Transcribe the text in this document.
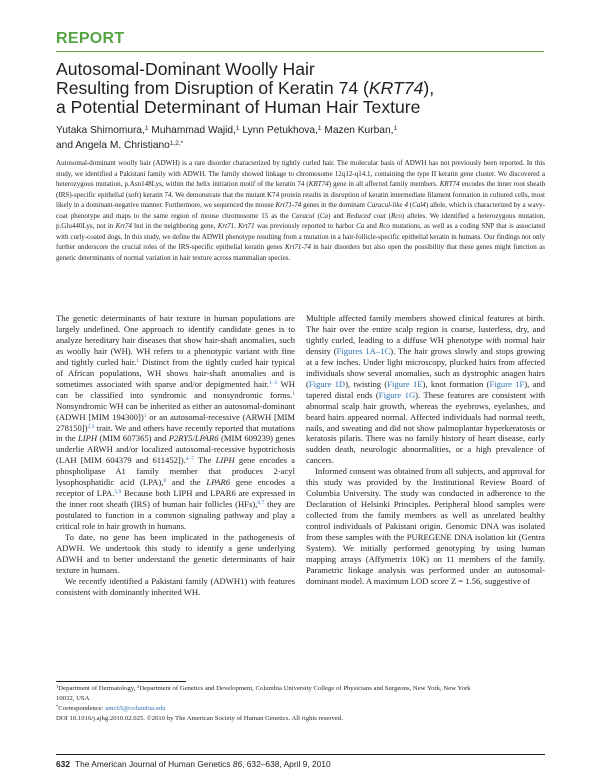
REPORT
Autosomal-Dominant Woolly Hair
Resulting from Disruption of Keratin 74 (KRT74),
a Potential Determinant of Human Hair Texture
Yutaka Shimomura,$^1$ Muhammad Wajid,$^1$ Lynn Petukhova,$^1$ Mazen Kurban,$^1$
and Angela M. Christiano$^{1,2,*}$
Autosomal-dominant woolly hair (ADWH) is a rare disorder characterized by tightly curled hair. The molecular basis of ADWH has not previously been reported. In this study, we identified a Pakistani family with ADWH. The family showed linkage to chromosome 12q12-q14.1, containing the type II keratin gene cluster. We discovered a heterozygous mutation, p.Asn148Lys, within the helix initiation motif of the keratin 74 (KRT74) gene in all affected family members. KRT74 encodes the inner root sheath (IRS)-specific epithelial (soft) keratin 74. We demonstrate that the mutant K74 protein results in disruption of keratin intermediate filament formation in cultured cells, most likely in a dominant-negative manner. Furthermore, we sequenced the mouse Krt71-74 genes in the dominant Caracul-like 4 (Cal4) allele, which is characterized by a wavy-coat phenotype and maps to the same region of mouse chromosome 15 as the Caracul (Ca) and Reduced coat (Rco) alleles. We identified a heterozygous mutation, p.Glu440Lys, not in Krt74 but in the neighboring gene, Krt71. Krt71 was previously reported to harbor Ca and Rco mutations, as well as a coding SNP that is associated with curly-coated dogs. In this study, we define the ADWH phenotype resulting from a mutation in a hair-follicle-specific epithelial keratin in humans. Our findings not only further underscore the crucial roles of the IRS-specific epithelial keratin genes Krt71-74 in hair disorders but also open the possibility that these genes might function as genetic determinants of normal variation in hair texture across mammalian species.

The genetic determinants of hair texture in human populations are largely undefined. One approach to identify candidate genes is to analyze hereditary hair diseases that show hair-shaft anomalies, such as woolly hair (WH). WH refers to a phenotypic variant with fine and tightly curled hair.$^1$ Distinct from the tightly curled hair typical of African populations, WH shows hair-shaft anomalies and is sometimes associated with sparse and/or depigmented hair.$^{1-3}$ WH can be classified into syndromic and nonsyndromic forms.$^1$ Nonsyndromic WH can be inherited as either an autosomal-dominant (ADWH [MIM 194300])$^1$ or an autosomal-recessive (ARWH [MIM 278150])$^{2,3}$ trait. We and others have recently reported that mutations in the LIPH (MIM 607365) and P2RY5/LPAR6 (MIM 609239) genes underlie ARWH and/or localized autosomal-recessive hypotrichosis (LAH [MIM 604379 and 611452]).$^{4-7}$ The LIPH gene encodes a phospholipase A1 family member that produces 2-acyl lysophosphatidic acid (LPA),$^8$ and the LPAR6 gene encodes a receptor of LPA.$^{5,9}$ Because both LIPH and LPAR6 are expressed in the inner root sheath (IRS) of human hair follicles (HFs),$^{6,7}$ they are postulated to function in a common signaling pathway and play a critical role in hair growth in humans.

To date, no gene has been implicated in the pathogenesis of ADWH. We undertook this study to identify a gene underlying ADWH and to better understand the genetic determinants of hair texture in humans.

We recently identified a Pakistani family (ADWH1) with features consistent with dominantly inherited WH.

Multiple affected family members showed clinical features at birth. The hair over the entire scalp region is coarse, lusterless, dry, and tightly curled, leading to a diffuse WH phenotype with normal hair density (Figures 1A–1C). The hair grows slowly and stops growing at a few inches. Under light microscopy, plucked hairs from affected individuals show several anomalies, such as dystrophic anagen hairs (Figure 1D), twisting (Figure 1E), knot formation (Figure 1F), and tapered distal ends (Figure 1G). These features are consistent with abnormal scalp hair growth, whereas the eyebrows, eyelashes, and beard hairs appeared normal. Affected individuals had normal teeth, nails, and sweating and did not show palmoplantar hyperkeratosis or keratosis pilaris. There was no family history of heart disease, early sudden death, neurologic abnormalities, or a high prevalence of cancers.

Informed consent was obtained from all subjects, and approval for this study was provided by the Institutional Review Board of Columbia University. The study was conducted in adherence to the Declaration of Helsinki Principles. Peripheral blood samples were collected from the family members as well as unrelated healthy control individuals of Pakistani origin. Genomic DNA was isolated from these samples with the PUREGENE DNA isolation kit (Gentra System). We initially performed genotyping by using human mapping arrays (Affymetrix 10K) on 11 members of the family. Parametric linkage analysis was performed under an autosomal-dominant model. A maximum LOD score Z = 1.56, suggestive of

$^1$Department of Dermatology, $^2$Department of Genetics and Development, Columbia University College of Physicians and Surgeons, New York, New York
10032, USA
*Correspondence: amc65@columbia.edu
DOI 10.1016/j.ajhg.2010.02.025. ©2010 by The American Society of Human Genetics. All rights reserved.
632 The American Journal of Human Genetics 86, 632–638, April 9, 2010
